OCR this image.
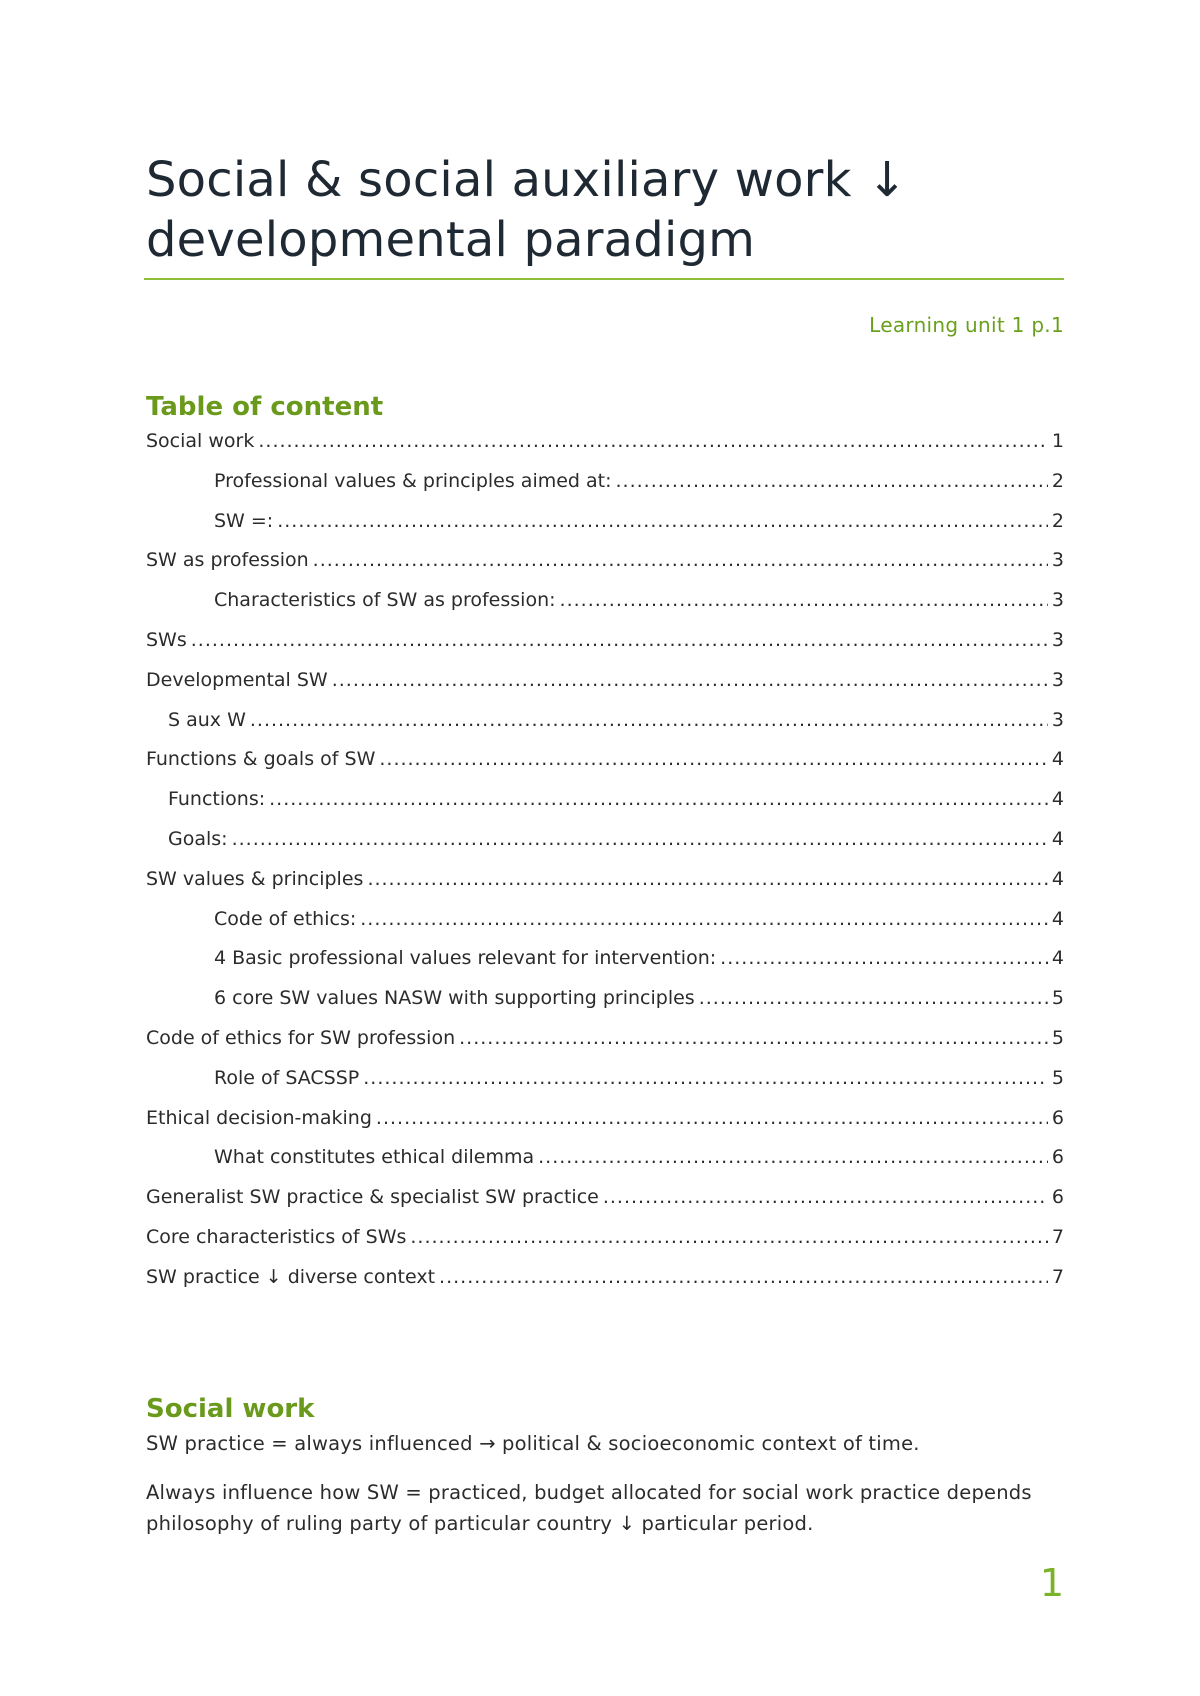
Social & social auxiliary work ↓ developmental paradigm
Learning unit 1 p.1
Table of content
Social work .....	1
Professional values & principles aimed at: .....	2
SW =: .....	2
SW as profession .....	3
Characteristics of SW as profession: .....	3
SWs .....	3
Developmental SW .....	3
S aux W .....	3
Functions & goals of SW .....	4
Functions: .....	4
Goals: .....	4
SW values & principles .....	4
Code of ethics: .....	4
4 Basic professional values relevant for intervention: .....	4
6 core SW values NASW with supporting principles .....	5
Code of ethics for SW profession .....	5
Role of SACSSP .....	5
Ethical decision-making .....	6
What constitutes ethical dilemma .....	6
Generalist SW practice & specialist SW practice .....	6
Core characteristics of SWs .....	7
SW practice ↓ diverse context .....	7
Social work

SW practice = always influenced → political & socioeconomic context of time.

Always influence how SW = practiced, budget allocated for social work practice depends philosophy of ruling party of particular country ↓ particular period.

1
